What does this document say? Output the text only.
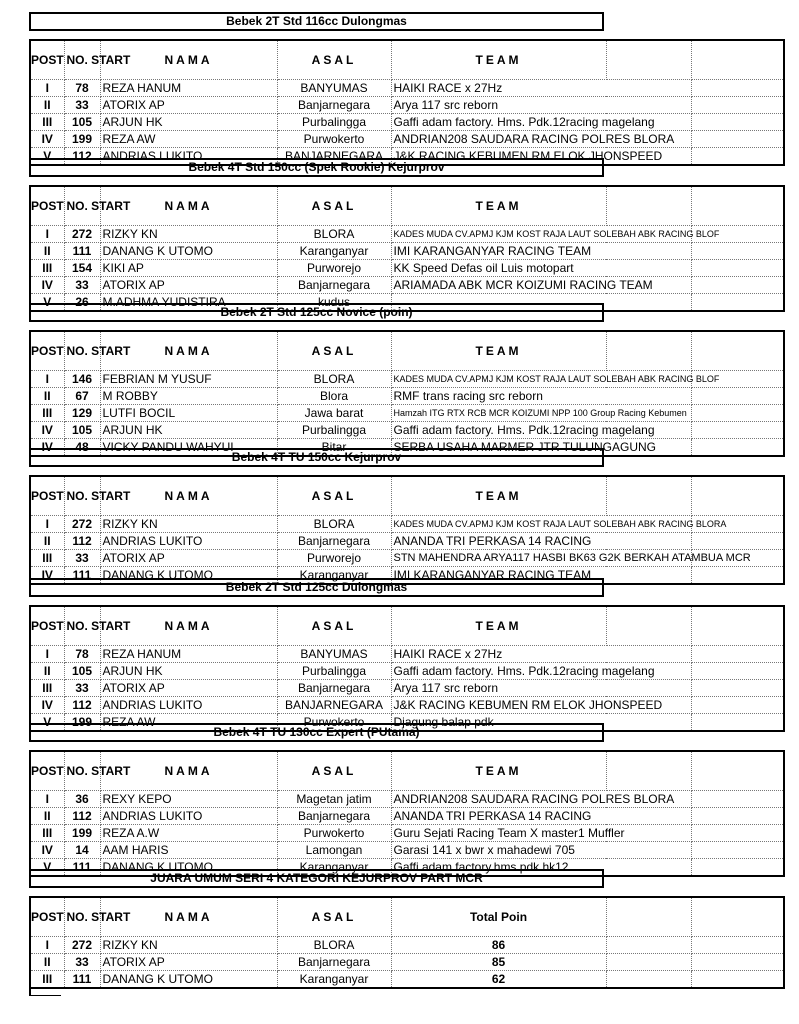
Bebek 2T Std 116cc Dulongmas
POST	NO. START	NAMA	ASAL	TEAM		
I	78	REZA HANUM	BANYUMAS	HAIKI RACE x 27Hz		
II	33	ATORIX AP	Banjarnegara	Arya 117 src reborn		
III	105	ARJUN HK	Purbalingga	Gaffi adam factory. Hms. Pdk.12racing magelang		
IV	199	REZA AW	Purwokerto	ANDRIAN208 SAUDARA RACING POLRES BLORA		
V	112	ANDRIAS LUKITO	BANJARNEGARA	J&K RACING KEBUMEN RM ELOK JHONSPEED		
Bebek 4T Std 150cc (Spek Rookie) Kejurprov
POST	NO. START	NAMA	ASAL	TEAM		
I	272	RIZKY KN	BLORA	KADES MUDA CV.APMJ KJM KOST RAJA LAUT SOLEBAH ABK RACING BLOF		
II	111	DANANG K UTOMO	Karanganyar	IMI KARANGANYAR RACING TEAM		
III	154	KIKI AP	Purworejo	KK Speed Defas oil Luis motopart		
IV	33	ATORIX AP	Banjarnegara	ARIAMADA ABK MCR KOIZUMI RACING TEAM		
V	26	M.ADHMA YUDISTIRA	kudus			
Bebek 2T Std 125cc Novice (poin)
POST	NO. START	NAMA	ASAL	TEAM		
I	146	FEBRIAN M YUSUF	BLORA	KADES MUDA CV.APMJ KJM KOST RAJA LAUT SOLEBAH ABK RACING BLOF		
II	67	M ROBBY	Blora	RMF trans racing src reborn		
III	129	LUTFI BOCIL	Jawa barat	Hamzah ITG RTX RCB MCR KOIZUMI NPP 100 Group Racing Kebumen		
IV	105	ARJUN HK	Purbalingga	Gaffi adam factory. Hms. Pdk.12racing magelang		
IV	48	VICKY PANDU WAHYUI	Bitar	SERBA USAHA MARMER JTR TULUNGAGUNG		
Bebek 4T TU 150cc Kejurprov
POST	NO. START	NAMA	ASAL	TEAM		
I	272	RIZKY KN	BLORA	KADES MUDA CV.APMJ KJM KOST RAJA LAUT SOLEBAH ABK RACING BLORA		
II	112	ANDRIAS LUKITO	Banjarnegara	ANANDA TRI PERKASA 14 RACING		
III	33	ATORIX AP	Purworejo	STN MAHENDRA ARYA117 HASBI BK63 G2K BERKAH ATAMBUA MCR		
IV	111	DANANG K UTOMO	Karanganyar	IMI KARANGANYAR RACING TEAM		
Bebek 2T Std 125cc Dulongmas
POST	NO. START	NAMA	ASAL	TEAM		
I	78	REZA HANUM	BANYUMAS	HAIKI RACE x 27Hz		
II	105	ARJUN HK	Purbalingga	Gaffi adam factory. Hms. Pdk.12racing magelang		
III	33	ATORIX AP	Banjarnegara	Arya 117 src reborn		
IV	112	ANDRIAS LUKITO	BANJARNEGARA	J&K RACING KEBUMEN RM ELOK JHONSPEED		
V	199	REZA AW	Purwokerto	Djagung balap pdk		
Bebek 4T TU 130cc Expert (PUtama)
POST	NO. START	NAMA	ASAL	TEAM		
I	36	REXY KEPO	Magetan jatim	ANDRIAN208 SAUDARA RACING POLRES BLORA		
II	112	ANDRIAS LUKITO	Banjarnegara	ANANDA TRI PERKASA 14 RACING		
III	199	REZA A.W	Purwokerto	Guru Sejati Racing Team X master1 Muffler		
IV	14	AAM HARIS	Lamongan	Garasi 141 x bwr x mahadewi 705		
V	111	DANANG K UTOMO	Karanganyar	Gaffi adam factory.hms.pdk.hk12		
JUARA UMUM SERI 4 KATEGORI KEJURPROV PART MCR
POST	NO. START	NAMA	ASAL	Total Poin		
I	272	RIZKY KN	BLORA	86		
II	33	ATORIX AP	Banjarnegara	85		
III	111	DANANG K UTOMO	Karanganyar	62		
